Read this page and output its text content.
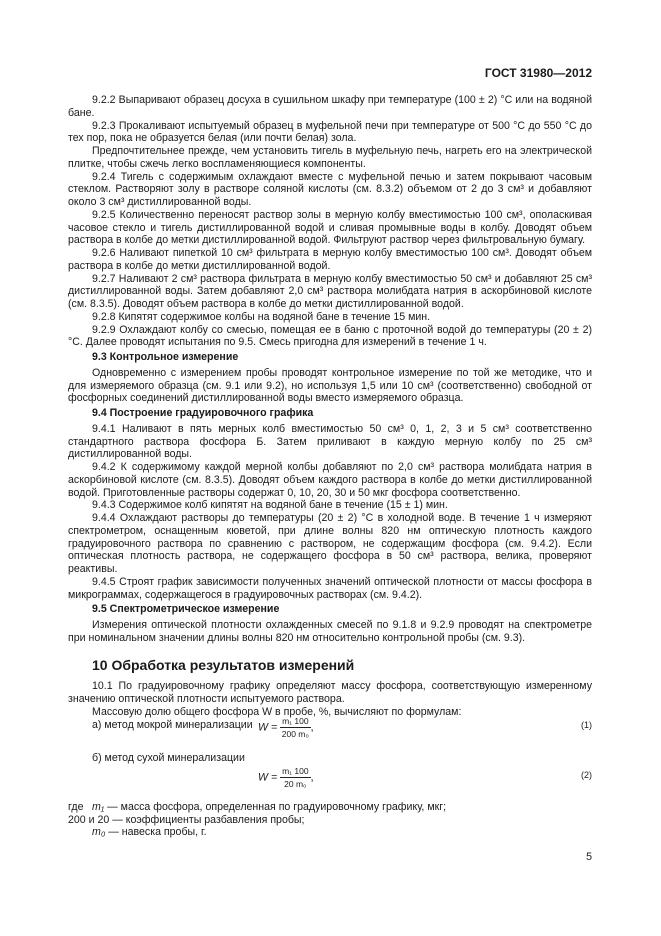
ГОСТ 31980—2012
9.2.2 Выпаривают образец досуха в сушильном шкафу при температуре (100 ± 2) °С или на водяной бане.
9.2.3 Прокаливают испытуемый образец в муфельной печи при температуре от 500 °С до 550 °С до тех пор, пока не образуется белая (или почти белая) зола.
Предпочтительнее прежде, чем установить тигель в муфельную печь, нагреть его на электрической плитке, чтобы сжечь легко воспламеняющиеся компоненты.
9.2.4 Тигель с содержимым охлаждают вместе с муфельной печью и затем покрывают часовым стеклом. Растворяют золу в растворе соляной кислоты (см. 8.3.2) объемом от 2 до 3 см³ и добавляют около 3 см³ дистиллированной воды.
9.2.5 Количественно переносят раствор золы в мерную колбу вместимостью 100 см³, ополаскивая часовое стекло и тигель дистиллированной водой и сливая промывные воды в колбу. Доводят объем раствора в колбе до метки дистиллированной водой. Фильтруют раствор через фильтровальную бумагу.
9.2.6 Наливают пипеткой 10 см³ фильтрата в мерную колбу вместимостью 100 см³. Доводят объем раствора в колбе до метки дистиллированной водой.
9.2.7 Наливают 2 см³ раствора фильтрата в мерную колбу вместимостью 50 см³ и добавляют 25 см³ дистиллированной воды. Затем добавляют 2,0 см³ раствора молибдата натрия в аскорбиновой кислоте (см. 8.3.5). Доводят объем раствора в колбе до метки дистиллированной водой.
9.2.8 Кипятят содержимое колбы на водяной бане в течение 15 мин.
9.2.9 Охлаждают колбу со смесью, помещая ее в баню с проточной водой до температуры (20 ± 2) °С. Далее проводят испытания по 9.5. Смесь пригодна для измерений в течение 1 ч.
9.3 Контрольное измерение
Одновременно с измерением пробы проводят контрольное измерение по той же методике, что и для измеряемого образца (см. 9.1 или 9.2), но используя 1,5 или 10 см³ (соответственно) свободной от фосфорных соединений дистиллированной воды вместо измеряемого образца.
9.4 Построение градуировочного графика
9.4.1 Наливают в пять мерных колб вместимостью 50 см³ 0, 1, 2, 3 и 5 см³ соответственно стандартного раствора фосфора Б. Затем приливают в каждую мерную колбу по 25 см³ дистиллированной воды.
9.4.2 К содержимому каждой мерной колбы добавляют по 2,0 см³ раствора молибдата натрия в аскорбиновой кислоте (см. 8.3.5). Доводят объем каждого раствора в колбе до метки дистиллированной водой. Приготовленные растворы содержат 0, 10, 20, 30 и 50 мкг фосфора соответственно.
9.4.3 Содержимое колб кипятят на водяной бане в течение (15 ± 1) мин.
9.4.4 Охлаждают растворы до температуры (20 ± 2) °С в холодной воде. В течение 1 ч измеряют спектрометром, оснащенным кюветой, при длине волны 820 нм оптическую плотность каждого градуировочного раствора по сравнению с раствором, не содержащим фосфора (см. 9.4.2). Если оптическая плотность раствора, не содержащего фосфора в 50 см³ раствора, велика, проверяют реактивы.
9.4.5 Строят график зависимости полученных значений оптической плотности от массы фосфора в микрограммах, содержащегося в градуировочных растворах (см. 9.4.2).
9.5 Спектрометрическое измерение
Измерения оптической плотности охлажденных смесей по 9.1.8 и 9.2.9 проводят на спектрометре при номинальном значении длины волны 820 нм относительно контрольной пробы (см. 9.3).
10 Обработка результатов измерений
10.1 По градуировочному графику определяют массу фосфора, соответствующую измеренному значению оптической плотности испытуемого раствора.
Массовую долю общего фосфора W в пробе, %, вычисляют по формулам:
а) метод мокрой минерализации $W = \frac{\text{m₁ 100}}{\text{200 m₀}}$ ,	(1)
б) метод сухой минерализации
$W = \frac{\text{m₁ 100}}{\text{20 m₀}}$ ,	(2)
где m₁ — масса фосфора, определенная по градуировочному графику, мкг;
200 и 20 — коэффициенты разбавления пробы;
m₀ — навеска пробы, г.
5
